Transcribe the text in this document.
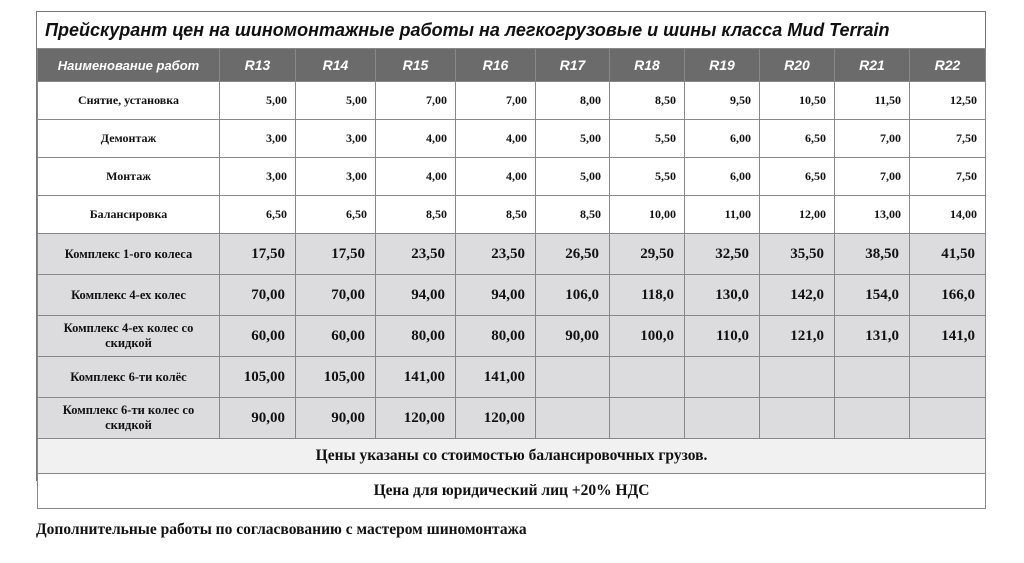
Прейскурант цен на шиномонтажные работы на легкогрузовые и шины класса Mud Terrain
Наименование работ	R13	R14	R15	R16	R17	R18	R19	R20	R21	R22
Снятие, установка	5,00	5,00	7,00	7,00	8,00	8,50	9,50	10,50	11,50	12,50
Демонтаж	3,00	3,00	4,00	4,00	5,00	5,50	6,00	6,50	7,00	7,50
Монтаж	3,00	3,00	4,00	4,00	5,00	5,50	6,00	6,50	7,00	7,50
Балансировка	6,50	6,50	8,50	8,50	8,50	10,00	11,00	12,00	13,00	14,00
Комплекс 1-ого колеса	17,50	17,50	23,50	23,50	26,50	29,50	32,50	35,50	38,50	41,50
Комплекс 4-ех колес	70,00	70,00	94,00	94,00	106,0	118,0	130,0	142,0	154,0	166,0
Комплекс 4-ех колес со скидкой	60,00	60,00	80,00	80,00	90,00	100,0	110,0	121,0	131,0	141,0
Комплекс 6-ти колёс	105,00	105,00	141,00	141,00						
Комплекс 6-ти колес со скидкой	90,00	90,00	120,00	120,00						
Цены указаны со стоимостью балансировочных грузов.										
Цена для юридический лиц +20% НДС										
Дополнительные работы по согласвованию с мастером шиномонтажа
